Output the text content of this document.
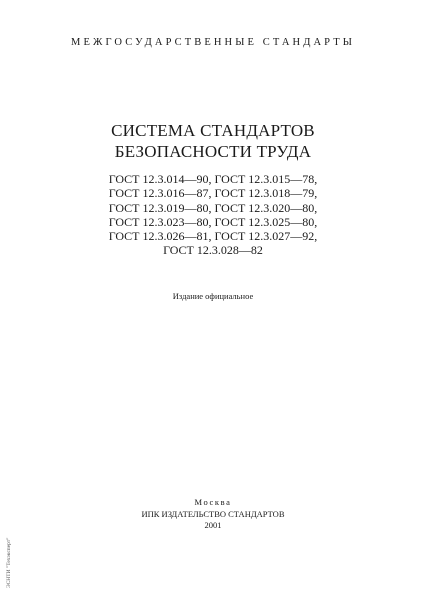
МЕЖГОСУДАРСТВЕННЫЕ СТАНДАРТЫ
СИСТЕМА СТАНДАРТОВ
БЕЗОПАСНОСТИ ТРУДА
ГОСТ 12.3.014—90, ГОСТ 12.3.015—78,
ГОСТ 12.3.016—87, ГОСТ 12.3.018—79,
ГОСТ 12.3.019—80, ГОСТ 12.3.020—80,
ГОСТ 12.3.023—80, ГОСТ 12.3.025—80,
ГОСТ 12.3.026—81, ГОСТ 12.3.027—92,
ГОСТ 12.3.028—82
Издание официальное
Москва
ИПК ИЗДАТЕЛЬСТВО СТАНДАРТОВ
2001
ЭСНТИ "Техэксперт"
